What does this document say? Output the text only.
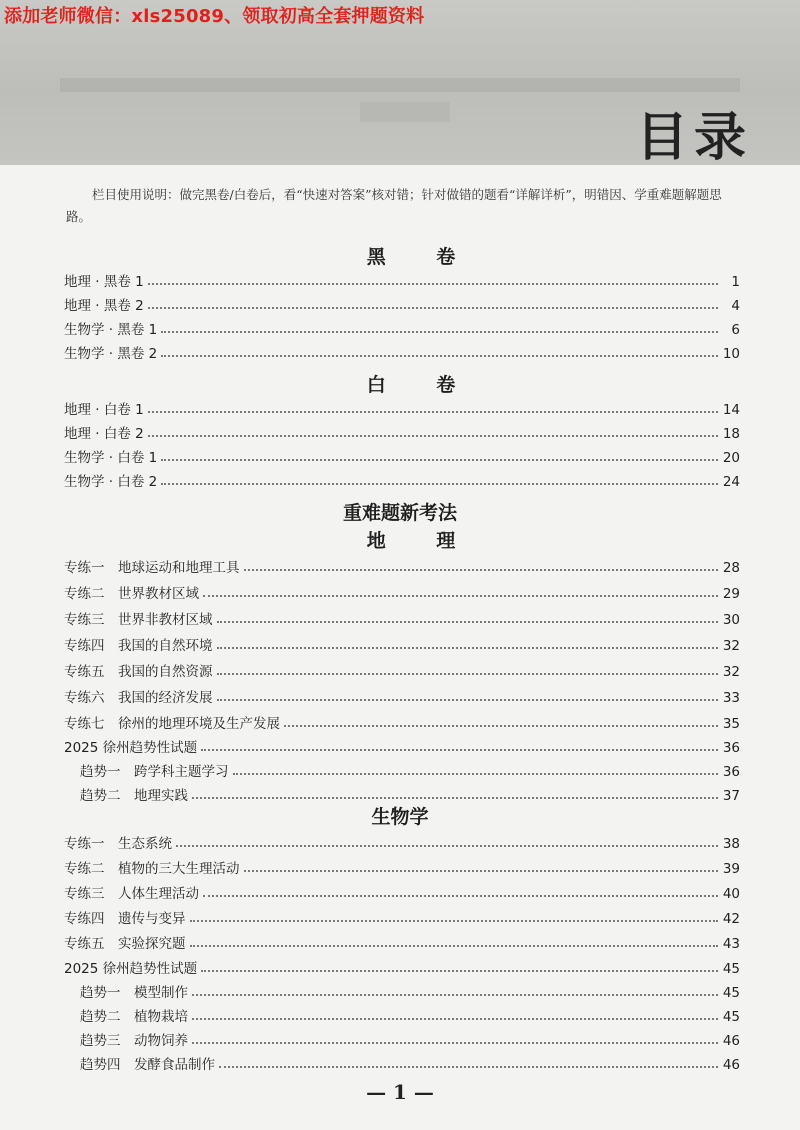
添加老师微信：xls25089、领取初高全套押题资料
目录
栏目使用说明：做完黑卷/白卷后，看“快速对答案”核对错；针对做错的题看“详解详析”，明错因、学重难题解题思路。
黑 卷
地理 · 黑卷 1	1
地理 · 黑卷 2	4
生物学 · 黑卷 1	6
生物学 · 黑卷 2	10
白 卷
地理 · 白卷 1	14
地理 · 白卷 2	18
生物学 · 白卷 1	20
生物学 · 白卷 2	24
重难题新考法
地 理
专练一　地球运动和地理工具	28
专练二　世界教材区域	29
专练三　世界非教材区域	30
专练四　我国的自然环境	32
专练五　我国的自然资源	32
专练六　我国的经济发展	33
专练七　徐州的地理环境及生产发展	35
2025 徐州趋势性试题	36
趋势一　跨学科主题学习	36
趋势二　地理实践	37
生物学
专练一　生态系统	38
专练二　植物的三大生理活动	39
专练三　人体生理活动	40
专练四　遗传与变异	42
专练五　实验探究题	43
2025 徐州趋势性试题	45
趋势一　模型制作	45
趋势二　植物栽培	45
趋势三　动物饲养	46
趋势四　发酵食品制作	46
— 1 —
